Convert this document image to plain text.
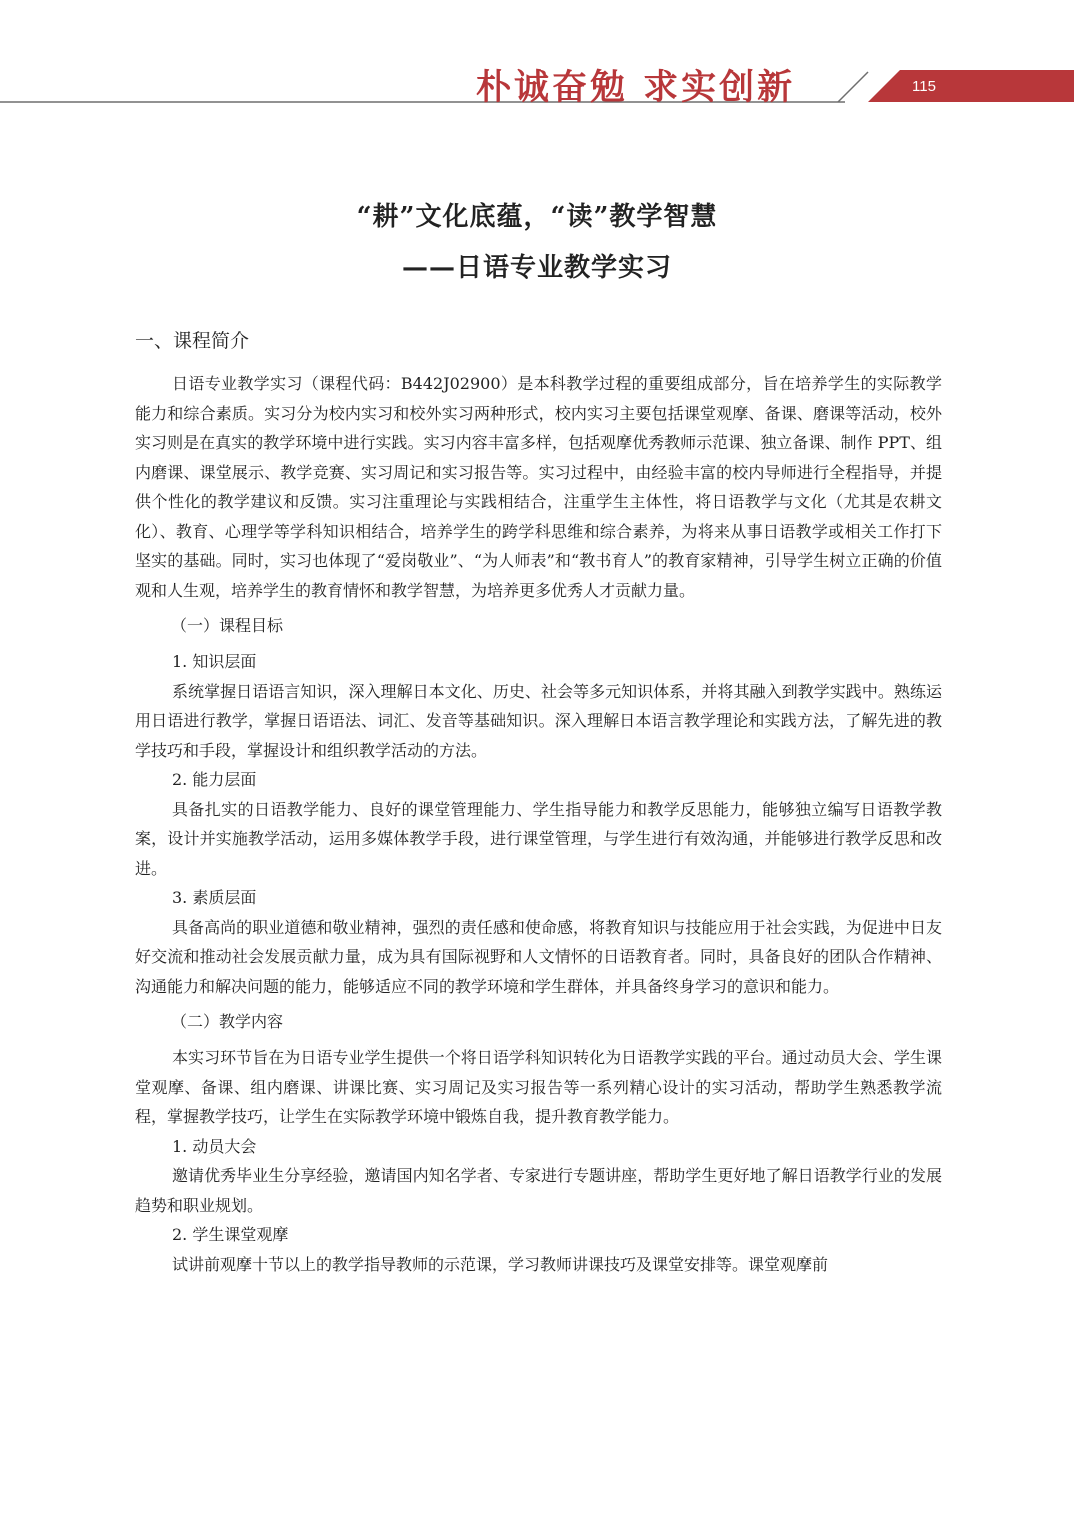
朴诚奋勉 求实创新	115
“耕”文化底蕴，“读”教学智慧
——日语专业教学实习
一、课程简介

日语专业教学实习（课程代码：B442J02900）是本科教学过程的重要组成部分，旨在培养学生的实际教学能力和综合素质。实习分为校内实习和校外实习两种形式，校内实习主要包括课堂观摩、备课、磨课等活动，校外实习则是在真实的教学环境中进行实践。实习内容丰富多样，包括观摩优秀教师示范课、独立备课、制作 PPT、组内磨课、课堂展示、教学竞赛、实习周记和实习报告等。实习过程中，由经验丰富的校内导师进行全程指导，并提供个性化的教学建议和反馈。实习注重理论与实践相结合，注重学生主体性，将日语教学与文化（尤其是农耕文化）、教育、心理学等学科知识相结合，培养学生的跨学科思维和综合素养，为将来从事日语教学或相关工作打下坚实的基础。同时，实习也体现了“爱岗敬业”、“为人师表”和“教书育人”的教育家精神，引导学生树立正确的价值观和人生观，培养学生的教育情怀和教学智慧，为培养更多优秀人才贡献力量。

（一）课程目标
1. 知识层面

系统掌握日语语言知识，深入理解日本文化、历史、社会等多元知识体系，并将其融入到教学实践中。熟练运用日语进行教学，掌握日语语法、词汇、发音等基础知识。深入理解日本语言教学理论和实践方法，了解先进的教学技巧和手段，掌握设计和组织教学活动的方法。

2. 能力层面

具备扎实的日语教学能力、良好的课堂管理能力、学生指导能力和教学反思能力，能够独立编写日语教学教案，设计并实施教学活动，运用多媒体教学手段，进行课堂管理，与学生进行有效沟通，并能够进行教学反思和改进。

3. 素质层面

具备高尚的职业道德和敬业精神，强烈的责任感和使命感，将教育知识与技能应用于社会实践，为促进中日友好交流和推动社会发展贡献力量，成为具有国际视野和人文情怀的日语教育者。同时，具备良好的团队合作精神、沟通能力和解决问题的能力，能够适应不同的教学环境和学生群体，并具备终身学习的意识和能力。

（二）教学内容

本实习环节旨在为日语专业学生提供一个将日语学科知识转化为日语教学实践的平台。通过动员大会、学生课堂观摩、备课、组内磨课、讲课比赛、实习周记及实习报告等一系列精心设计的实习活动，帮助学生熟悉教学流程，掌握教学技巧，让学生在实际教学环境中锻炼自我，提升教育教学能力。

1. 动员大会

邀请优秀毕业生分享经验，邀请国内知名学者、专家进行专题讲座，帮助学生更好地了解日语教学行业的发展趋势和职业规划。

2. 学生课堂观摩

试讲前观摩十节以上的教学指导教师的示范课，学习教师讲课技巧及课堂安排等。课堂观摩前
